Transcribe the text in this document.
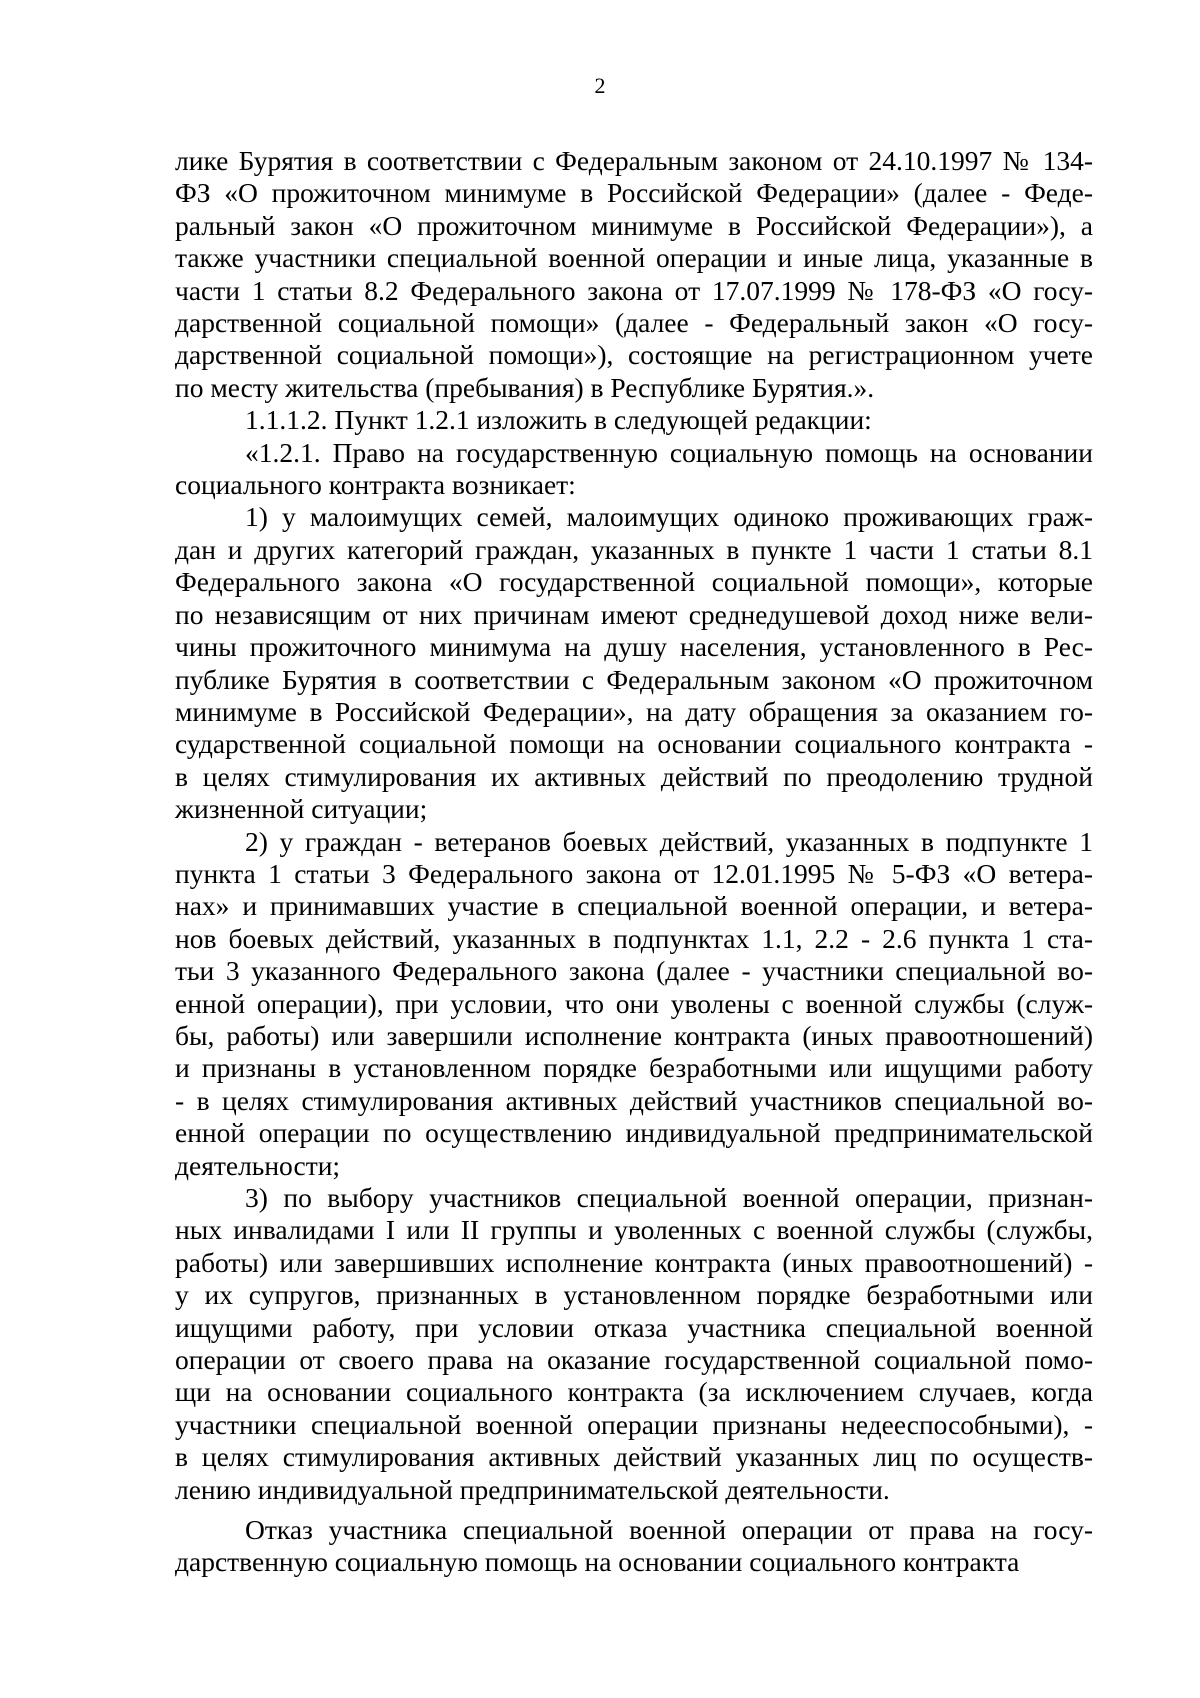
2
лике Бурятия в соответствии с Федеральным законом от 24.10.1997 № 134-
ФЗ «О прожиточном минимуме в Российской Федерации» (далее - Феде-
ральный закон «О прожиточном минимуме в Российской Федерации»), а
также участники специальной военной операции и иные лица, указанные в
части 1 статьи 8.2 Федерального закона от 17.07.1999 № 178-ФЗ «О госу-
дарственной социальной помощи» (далее - Федеральный закон «О госу-
дарственной социальной помощи»), состоящие на регистрационном учете
по месту жительства (пребывания) в Республике Бурятия.».
1.1.1.2. Пункт 1.2.1 изложить в следующей редакции:
«1.2.1. Право на государственную социальную помощь на основании
социального контракта возникает:
1) у малоимущих семей, малоимущих одиноко проживающих граж-
дан и других категорий граждан, указанных в пункте 1 части 1 статьи 8.1
Федерального закона «О государственной социальной помощи», которые
по независящим от них причинам имеют среднедушевой доход ниже вели-
чины прожиточного минимума на душу населения, установленного в Рес-
публике Бурятия в соответствии с Федеральным законом «О прожиточном
минимуме в Российской Федерации», на дату обращения за оказанием го-
сударственной социальной помощи на основании социального контракта -
в целях стимулирования их активных действий по преодолению трудной
жизненной ситуации;
2) у граждан - ветеранов боевых действий, указанных в подпункте 1
пункта 1 статьи 3 Федерального закона от 12.01.1995 № 5-ФЗ «О ветера-
нах» и принимавших участие в специальной военной операции, и ветера-
нов боевых действий, указанных в подпунктах 1.1, 2.2 - 2.6 пункта 1 ста-
тьи 3 указанного Федерального закона (далее - участники специальной во-
енной операции), при условии, что они уволены с военной службы (служ-
бы, работы) или завершили исполнение контракта (иных правоотношений)
и признаны в установленном порядке безработными или ищущими работу
- в целях стимулирования активных действий участников специальной во-
енной операции по осуществлению индивидуальной предпринимательской
деятельности;
3) по выбору участников специальной военной операции, признан-
ных инвалидами I или II группы и уволенных с военной службы (службы,
работы) или завершивших исполнение контракта (иных правоотношений) -
у их супругов, признанных в установленном порядке безработными или
ищущими работу, при условии отказа участника специальной военной
операции от своего права на оказание государственной социальной помо-
щи на основании социального контракта (за исключением случаев, когда
участники специальной военной операции признаны недееспособными), -
в целях стимулирования активных действий указанных лиц по осуществ-
лению индивидуальной предпринимательской деятельности.
Отказ участника специальной военной операции от права на госу-
дарственную социальную помощь на основании социального контракта
